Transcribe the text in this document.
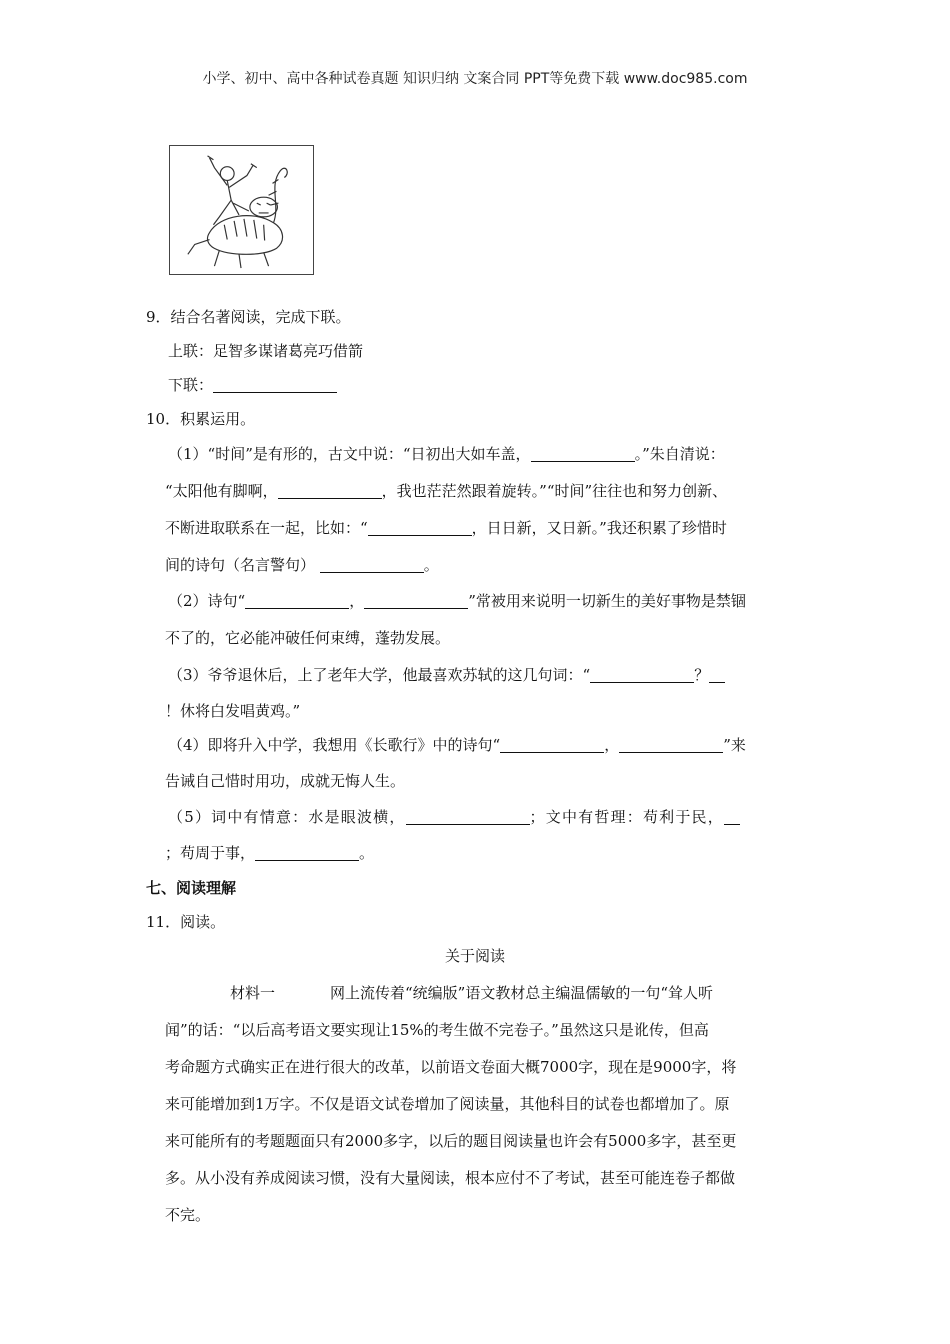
小学、初中、高中各种试卷真题 知识归纳 文案合同 PPT等免费下载 www.doc985.com
9．结合名著阅读，完成下联。
上联：足智多谋诸葛亮巧借箭
下联：
10．积累运用。
（1）“时间”是有形的，古文中说：“日初出大如车盖，	。”朱自清说：
“太阳他有脚啊，	，我也茫茫然跟着旋转。”“时间”往往也和努力创新、
不断进取联系在一起，比如：“	，日日新，又日新。”我还积累了珍惜时
间的诗句（名言警句）	。
（2）诗句“	，	”常被用来说明一切新生的美好事物是禁锢
不了的，它必能冲破任何束缚，蓬勃发展。
（3）爷爷退休后，上了老年大学，他最喜欢苏轼的这几句词：“	？
！休将白发唱黄鸡。”
（4）即将升入中学，我想用《长歌行》中的诗句“	，	”来
告诫自己惜时用功，成就无悔人生。
（5）词中有情意：水是眼波横，	；文中有哲理：苟利于民，
；苟周于事，	。
七、阅读理解
11．阅读。
关于阅读
材料一	网上流传着“统编版”语文教材总主编温儒敏的一句“耸人听
闻”的话：“以后高考语文要实现让15%的考生做不完卷子。”虽然这只是讹传，但高
考命题方式确实正在进行很大的改革，以前语文卷面大概7000字，现在是9000字，将
来可能增加到1万字。不仅是语文试卷增加了阅读量，其他科目的试卷也都增加了。原
来可能所有的考题题面只有2000多字，以后的题目阅读量也许会有5000多字，甚至更
多。从小没有养成阅读习惯，没有大量阅读，根本应付不了考试，甚至可能连卷子都做
不完。
